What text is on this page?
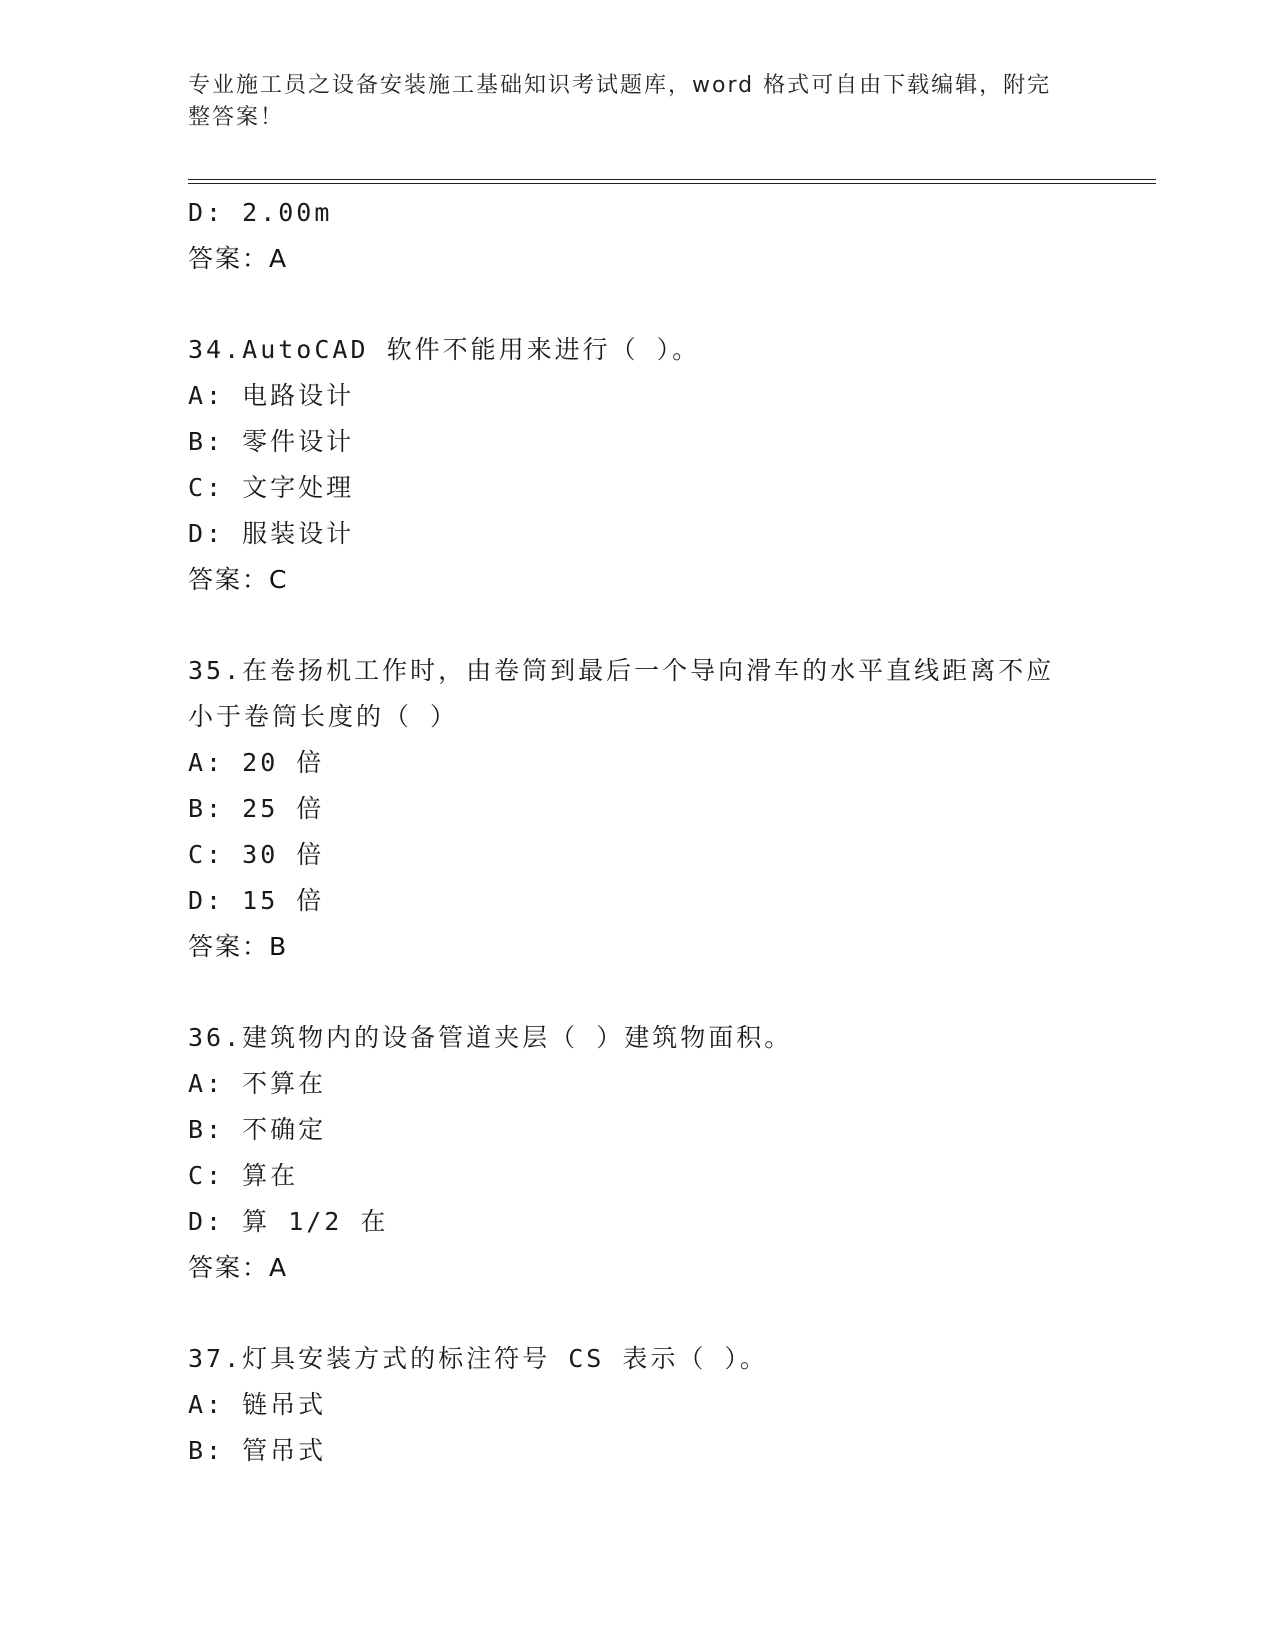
专业施工员之设备安装施工基础知识考试题库，word 格式可自由下载编辑，附完整答案！
D: 2.00m
答案：A
34.AutoCAD 软件不能用来进行（ ）。
A: 电路设计
B: 零件设计
C: 文字处理
D: 服装设计
答案：C
35.在卷扬机工作时，由卷筒到最后一个导向滑车的水平直线距离不应
小于卷筒长度的（ ）
A: 20 倍
B: 25 倍
C: 30 倍
D: 15 倍
答案：B
36.建筑物内的设备管道夹层（ ）建筑物面积。
A: 不算在
B: 不确定
C: 算在
D: 算 1/2 在
答案：A
37.灯具安装方式的标注符号 CS 表示（ ）。
A: 链吊式
B: 管吊式
